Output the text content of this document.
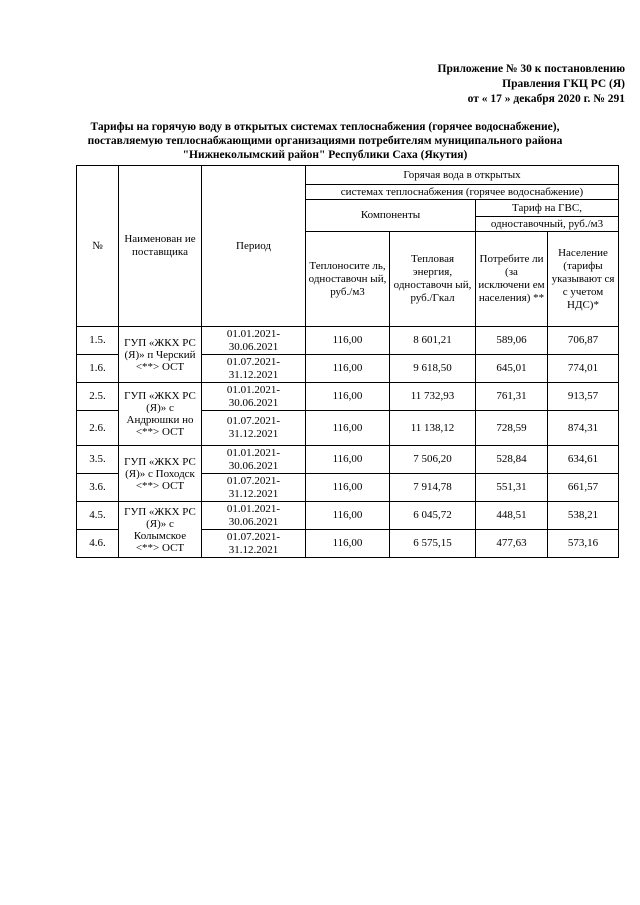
Приложение № 30 к постановлению
Правления ГКЦ РС (Я)
от « 17 » декабря 2020 г. № 291
Тарифы на горячую воду в открытых системах теплоснабжения (горячее водоснабжение),
поставляемую теплоснабжающими организациями потребителям муниципального района
"Нижнеколымский район" Республики Саха (Якутия)
№	Наименован ие поставщика	Период	Горячая вода в открытых			
			системах теплоснабжения (горячее водоснабжение)			
			Компоненты		Тариф на ГВС,	
					одноставочный, руб./м3	
			Теплоносите ль, одноставочн ый, руб./м3	Тепловая энергия, одноставочн ый, руб./Гкал	Потребите ли (за исключени ем населения) **	Население (тарифы указывают ся с учетом НДС)*
1.5.	ГУП «ЖКХ РС (Я)» п Черский <**> ОСТ	01.01.2021- 30.06.2021	116,00	8 601,21	589,06	706,87
1.6.		01.07.2021- 31.12.2021	116,00	9 618,50	645,01	774,01
2.5.	ГУП «ЖКХ РС (Я)» с Андрюшки но <**> ОСТ	01.01.2021- 30.06.2021	116,00	11 732,93	761,31	913,57
2.6.		01.07.2021- 31.12.2021	116,00	11 138,12	728,59	874,31
3.5.	ГУП «ЖКХ РС (Я)» с Походск <**> ОСТ	01.01.2021- 30.06.2021	116,00	7 506,20	528,84	634,61
3.6.		01.07.2021- 31.12.2021	116,00	7 914,78	551,31	661,57
4.5.	ГУП «ЖКХ РС (Я)» с Колымское <**> ОСТ	01.01.2021- 30.06.2021	116,00	6 045,72	448,51	538,21
4.6.		01.07.2021- 31.12.2021	116,00	6 575,15	477,63	573,16
